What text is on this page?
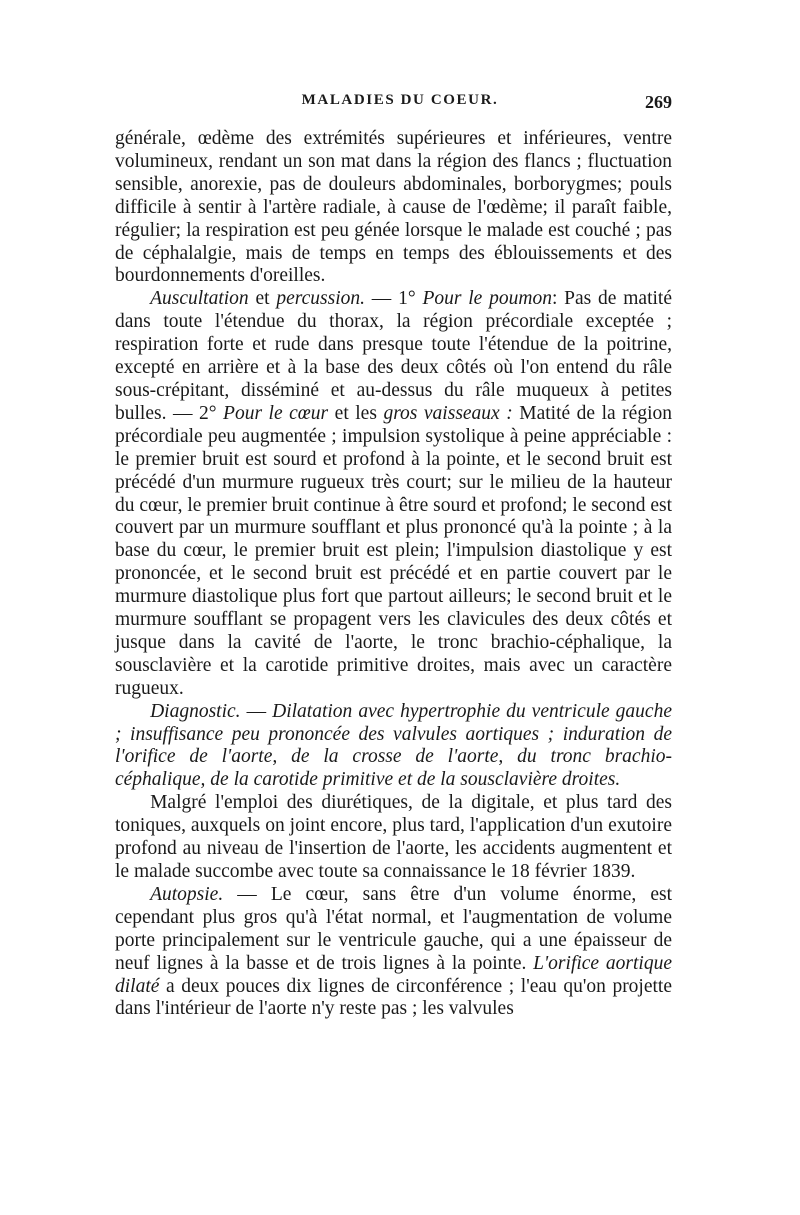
MALADIES DU COEUR.	269

générale, œdème des extrémités supérieures et inférieures, ventre volumineux, rendant un son mat dans la région des flancs ; fluctuation sensible, anorexie, pas de douleurs abdominales, borborygmes; pouls difficile à sentir à l'artère radiale, à cause de l'œdème; il paraît faible, régulier; la respiration est peu génée lorsque le malade est couché ; pas de céphalalgie, mais de temps en temps des éblouissements et des bourdonnements d'oreilles.

Auscultation et percussion. — 1° Pour le poumon: Pas de matité dans toute l'étendue du thorax, la région précordiale exceptée ; respiration forte et rude dans presque toute l'étendue de la poitrine, excepté en arrière et à la base des deux côtés où l'on entend du râle sous-crépitant, disséminé et au-dessus du râle muqueux à petites bulles. — 2° Pour le cœur et les gros vaisseaux : Matité de la région précordiale peu augmentée ; impulsion systolique à peine appréciable : le premier bruit est sourd et profond à la pointe, et le second bruit est précédé d'un murmure rugueux très court; sur le milieu de la hauteur du cœur, le premier bruit continue à être sourd et profond; le second est couvert par un murmure soufflant et plus prononcé qu'à la pointe ; à la base du cœur, le premier bruit est plein; l'impulsion diastolique y est prononcée, et le second bruit est précédé et en partie couvert par le murmure diastolique plus fort que partout ailleurs; le second bruit et le murmure soufflant se propagent vers les clavicules des deux côtés et jusque dans la cavité de l'aorte, le tronc brachio-céphalique, la sousclavière et la carotide primitive droites, mais avec un caractère rugueux.

Diagnostic. — Dilatation avec hypertrophie du ventricule gauche ; insuffisance peu prononcée des valvules aortiques ; induration de l'orifice de l'aorte, de la crosse de l'aorte, du tronc brachio-céphalique, de la carotide primitive et de la sousclavière droites.

Malgré l'emploi des diurétiques, de la digitale, et plus tard des toniques, auxquels on joint encore, plus tard, l'application d'un exutoire profond au niveau de l'insertion de l'aorte, les accidents augmentent et le malade succombe avec toute sa connaissance le 18 février 1839.

Autopsie. — Le cœur, sans être d'un volume énorme, est cependant plus gros qu'à l'état normal, et l'augmentation de volume porte principalement sur le ventricule gauche, qui a une épaisseur de neuf lignes à la basse et de trois lignes à la pointe. L'orifice aortique dilaté a deux pouces dix lignes de circonférence ; l'eau qu'on projette dans l'intérieur de l'aorte n'y reste pas ; les valvules
